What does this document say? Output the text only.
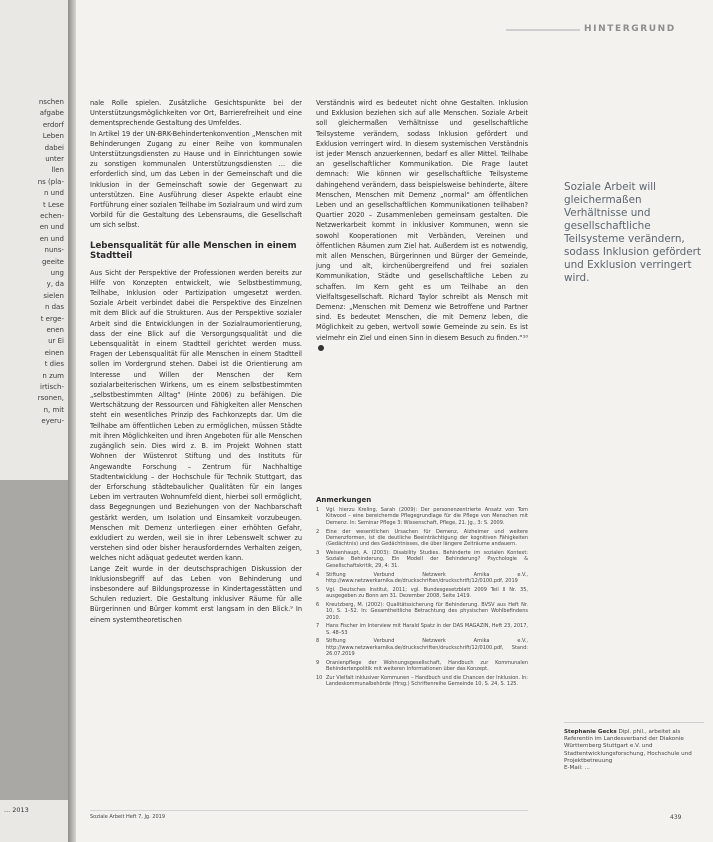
nschen
afgabe
erdorf
Leben
dabei
unter
llen
ns (pla-
n und
t Lese
echen-
en und
en und
nuns-
geeite
ung
y, da
sielen
n das
t erge-
enen
ur Ei
einen
t dies
n zum
irtisch-
rsonen,
n, mit
eyeru-
... 2013
HINTERGRUND

nale Rolle spielen. Zusätzliche Gesichtspunkte bei der Unterstützungsmöglichkeiten vor Ort, Barrierefreiheit und eine dementsprechende Gestaltung des Umfeldes.

In Artikel 19 der UN-BRK-Behindertenkonvention „Menschen mit Behinderungen Zugang zu einer Reihe von kommunalen Unterstützungsdiensten zu Hause und in Einrichtungen sowie zu sonstigen kommunalen Unterstützungsdiensten … die erforderlich sind, um das Leben in der Gemeinschaft und die Inklusion in der Gemeinschaft sowie der Gegenwart zu unterstützen. Eine Ausführung dieser Aspekte erlaubt eine Fortführung einer sozialen Teilhabe im Sozialraum und wird zum Vorbild für die Gestaltung des Lebensraums, die Gesellschaft um sich selbst.

Lebensqualität für alle Menschen in einem Stadtteil

Aus Sicht der Perspektive der Professionen werden bereits zur Hilfe von Konzepten entwickelt, wie Selbstbestimmung, Teilhabe, Inklusion oder Partizipation umgesetzt werden. Soziale Arbeit verbindet dabei die Perspektive des Einzelnen mit dem Blick auf die Strukturen. Aus der Perspektive sozialer Arbeit sind die Entwicklungen in der Sozialraumorientierung, dass der eine Blick auf die Versorgungsqualität und die Lebensqualität in einem Stadtteil gerichtet werden muss. Fragen der Lebensqualität für alle Menschen in einem Stadtteil sollen im Vordergrund stehen. Dabei ist die Orientierung am Interesse und Willen der Menschen der Kern sozialarbeiterischen Wirkens, um es einem selbstbestimmten „selbstbestimmten Alltag“ (Hinte 2006) zu befähigen. Die Wertschätzung der Ressourcen und Fähigkeiten aller Menschen steht ein wesentliches Prinzip des Fachkonzepts dar. Um die Teilhabe am öffentlichen Leben zu ermöglichen, müssen Städte mit ihren Möglichkeiten und ihren Angeboten für alle Menschen zugänglich sein. Dies wird z. B. im Projekt Wohnen statt Wohnen der Wüstenrot Stiftung und des Instituts für Angewandte Forschung – Zentrum für Nachhaltige Stadtentwicklung – der Hochschule für Technik Stuttgart, das der Erforschung städtebaulicher Qualitäten für ein langes Leben im vertrauten Wohnumfeld dient, hierbei soll ermöglicht, dass Begegnungen und Beziehungen von der Nachbarschaft gestärkt werden, um Isolation und Einsamkeit vorzubeugen. Menschen mit Demenz unterliegen einer erhöhten Gefahr, exkludiert zu werden, weil sie in ihrer Lebenswelt schwer zu verstehen sind oder bisher herausforderndes Verhalten zeigen, welches nicht adäquat gedeutet werden kann.

Lange Zeit wurde in der deutschsprachigen Diskussion der Inklusionsbegriff auf das Leben von Behinderung und insbesondere auf Bildungsprozesse in Kindertagesstätten und Schulen reduziert. Die Gestaltung inklusiver Räume für alle Bürgerinnen und Bürger kommt erst langsam in den Blick.⁹ In einem systemtheoretischen

Verständnis wird es bedeutet nicht ohne Gestalten. Inklusion und Exklusion beziehen sich auf alle Menschen. Soziale Arbeit soll gleichermaßen Verhältnisse und gesellschaftliche Teilsysteme verändern, sodass Inklusion gefördert und Exklusion verringert wird. In diesem systemischen Verständnis ist jeder Mensch anzuerkennen, bedarf es aller Mittel. Teilhabe an gesellschaftlicher Kommunikation. Die Frage lautet demnach: Wie können wir gesellschaftliche Teilsysteme dahingehend verändern, dass beispielsweise behinderte, ältere Menschen, Menschen mit Demenz „normal“ am öffentlichen Leben und an gesellschaftlichen Kommunikationen teilhaben? Quartier 2020 – Zusammenleben gemeinsam gestalten. Die Netzwerkarbeit kommt in inklusiver Kommunen, wenn sie sowohl Kooperationen mit Verbänden, Vereinen und öffentlichen Räumen zum Ziel hat. Außerdem ist es notwendig, mit allen Menschen, Bürgerinnen und Bürger der Gemeinde, jung und alt, kirchenübergreifend und frei sozialen Kommunikation, Städte und gesellschaftliche Leben zu schaffen. Im Kern geht es um Teilhabe an den Vielfaltsgesellschaft. Richard Taylor schreibt als Mensch mit Demenz: „Menschen mit Demenz wie Betroffene und Partner sind. Es bedeutet Menschen, die mit Demenz leben, die Möglichkeit zu geben, wertvoll sowie Gemeinde zu sein. Es ist vielmehr ein Ziel und einen Sinn in diesem Besuch zu finden.“¹⁰

Soziale Arbeit will gleichermaßen Verhältnisse und gesellschaftliche Teilsysteme verändern, sodass Inklusion gefördert und Exklusion verringert wird.
Anmerkungen
1 Vgl. hierzu Kreling, Sarah (2009): Der personenzentrierte Ansatz von Tom Kitwood – eine bereichernde Pflegegrundlage für die Pflege von Menschen mit Demenz. In: Seminar Pflege 3: Wissenschaft, Pflege, 21. Jg., 3: S. 2009.
2 Eine der wesentlichen Ursachen für Demenz, Alzheimer und weitere Demenzformen, ist die deutliche Beeinträchtigung der kognitiven Fähigkeiten (Gedächtnis) und des Gedächtnisses, die über längere Zeiträume andauern.
3 Weisenhaupt, A. (2003): Disability Studies. Behinderte im sozialen Kontext: Soziale Behinderung, Ein Modell der Behinderung? Psychologie & Gesellschaftskritik, 29, 4: 31.
4 Stiftung Verbund Netzwerk Arnika e.V., http://www.netzwerkarnika.de/druckschriften/druckschrift/12/0100.pdf, 2019
5 Vgl. Deutsches Institut, 2011; vgl. Bundesgesetzblatt 2009 Teil II Nr. 35, ausgegeben zu Bonn am 31. Dezember 2008, Seite 1419.
6 Kreutzberg, M. (2002): Qualitätssicherung für Behinderung. BVSV aus Heft Nr. 10, S. 1–52. In: Gesamtheitliche Betrachtung des physischen Wohlbefindens 2010.
7 Hans Fischer im Interview mit Harald Spatz in der DAS MAGAZIN, Heft 23, 2017, S. 48–53
8 Stiftung Verbund Netzwerk Arnika e.V., http://www.netzwerkarnika.de/druckschriften/druckschrift/12/0100.pdf, Stand: 26.07.2019
9 Oranienpflege der Wohnungsgesellschaft, Handbuch zur Kommunalen Behindertenpolitik mit weiteren Informationen über das Konzept.
10 Zur Vielfalt inklusiver Kommunen – Handbuch und die Chancen der Inklusion. In: Landeskommunalbehörde (Hrsg.) Schriftenreihe Gemeinde 10, S. 24, S. 125.
Stephanie Gecks Dipl. phil., arbeitet als Referentin im Landesverband der Diakonie Württemberg Stuttgart e.V. und Stadtentwicklungsforschung, Hochschule und Projektbetreuung
E-Mail: ...
Soziale Arbeit Heft 7, Jg. 2019	439
